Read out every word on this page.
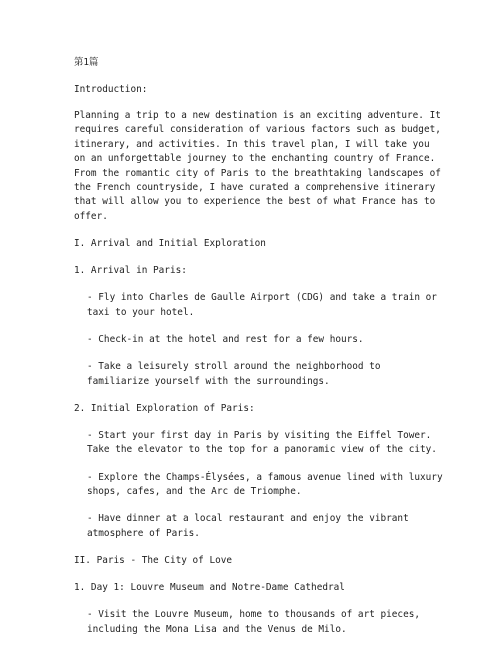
第1篇
Introduction:
Planning a trip to a new destination is an exciting adventure. It requires careful consideration of various factors such as budget, itinerary, and activities. In this travel plan, I will take you on an unforgettable journey to the enchanting country of France. From the romantic city of Paris to the breathtaking landscapes of the French countryside, I have curated a comprehensive itinerary that will allow you to experience the best of what France has to offer.
I. Arrival and Initial Exploration
1. Arrival in Paris:
- Fly into Charles de Gaulle Airport (CDG) and take a train or taxi to your hotel.
- Check-in at the hotel and rest for a few hours.
- Take a leisurely stroll around the neighborhood to familiarize yourself with the surroundings.
2. Initial Exploration of Paris:
- Start your first day in Paris by visiting the Eiffel Tower. Take the elevator to the top for a panoramic view of the city.
- Explore the Champs-Élysées, a famous avenue lined with luxury shops, cafes, and the Arc de Triomphe.
- Have dinner at a local restaurant and enjoy the vibrant atmosphere of Paris.
II. Paris - The City of Love
1. Day 1: Louvre Museum and Notre-Dame Cathedral
- Visit the Louvre Museum, home to thousands of art pieces, including the Mona Lisa and the Venus de Milo.
